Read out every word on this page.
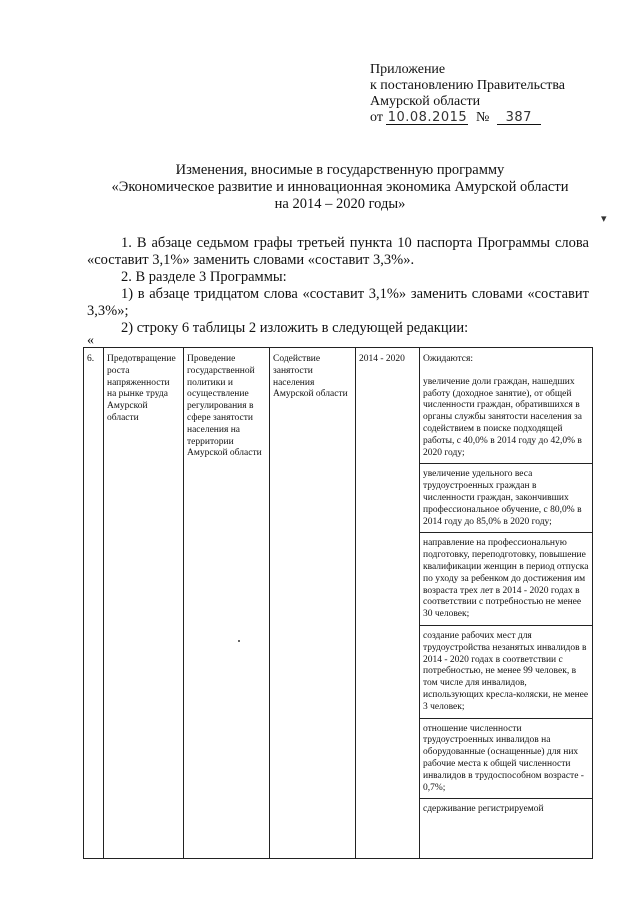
Приложение
к постановлению Правительства
Амурской области
от 10.08.2015 № 387
Изменения, вносимые в государственную программу
«Экономическое развитие и инновационная экономика Амурской области
на 2014 – 2020 годы»
▾

1. В абзаце седьмом графы третьей пункта 10 паспорта Программы слова «составит 3,1%» заменить словами «составит 3,3%».

2. В разделе 3 Программы:

1) в абзаце тридцатом слова «составит 3,1%» заменить словами «составит 3,3%»;

2) строку 6 таблицы 2 изложить в следующей редакции:

«
6.	Предотвращение роста напряженности на рынке труда Амурской области
Проведение государственной политики и осуществление регулирования в сфере занятости населения на территории Амурской области
Содействие занятости населения Амурской области
2014 - 2020	Ожидаются:
увеличение доли граждан, нашедших работу (доходное занятие), от общей численности граждан, обратившихся в органы службы занятости населения за содействием в поиске подходящей работы, с 40,0% в 2014 году до 42,0% в 2020 году;
увеличение удельного веса трудоустроенных граждан в численности граждан, закончивших профессиональное обучение, с 80,0% в 2014 году до 85,0% в 2020 году;
направление на профессиональную подготовку, переподготовку, повышение квалификации женщин в период отпуска по уходу за ребенком до достижения им возраста трех лет в 2014 - 2020 годах в соответствии с потребностью не менее 30 человек;
создание рабочих мест для трудоустройства незанятых инвалидов в 2014 - 2020 годах в соответствии с потребностью, не менее 99 человек, в том числе для инвалидов, использующих кресла-коляски, не менее 3 человек;
отношение численности трудоустроенных инвалидов на оборудованные (оснащенные) для них рабочие места к общей численности инвалидов в трудоспособном возрасте - 0,7%;
сдерживание регистрируемой
